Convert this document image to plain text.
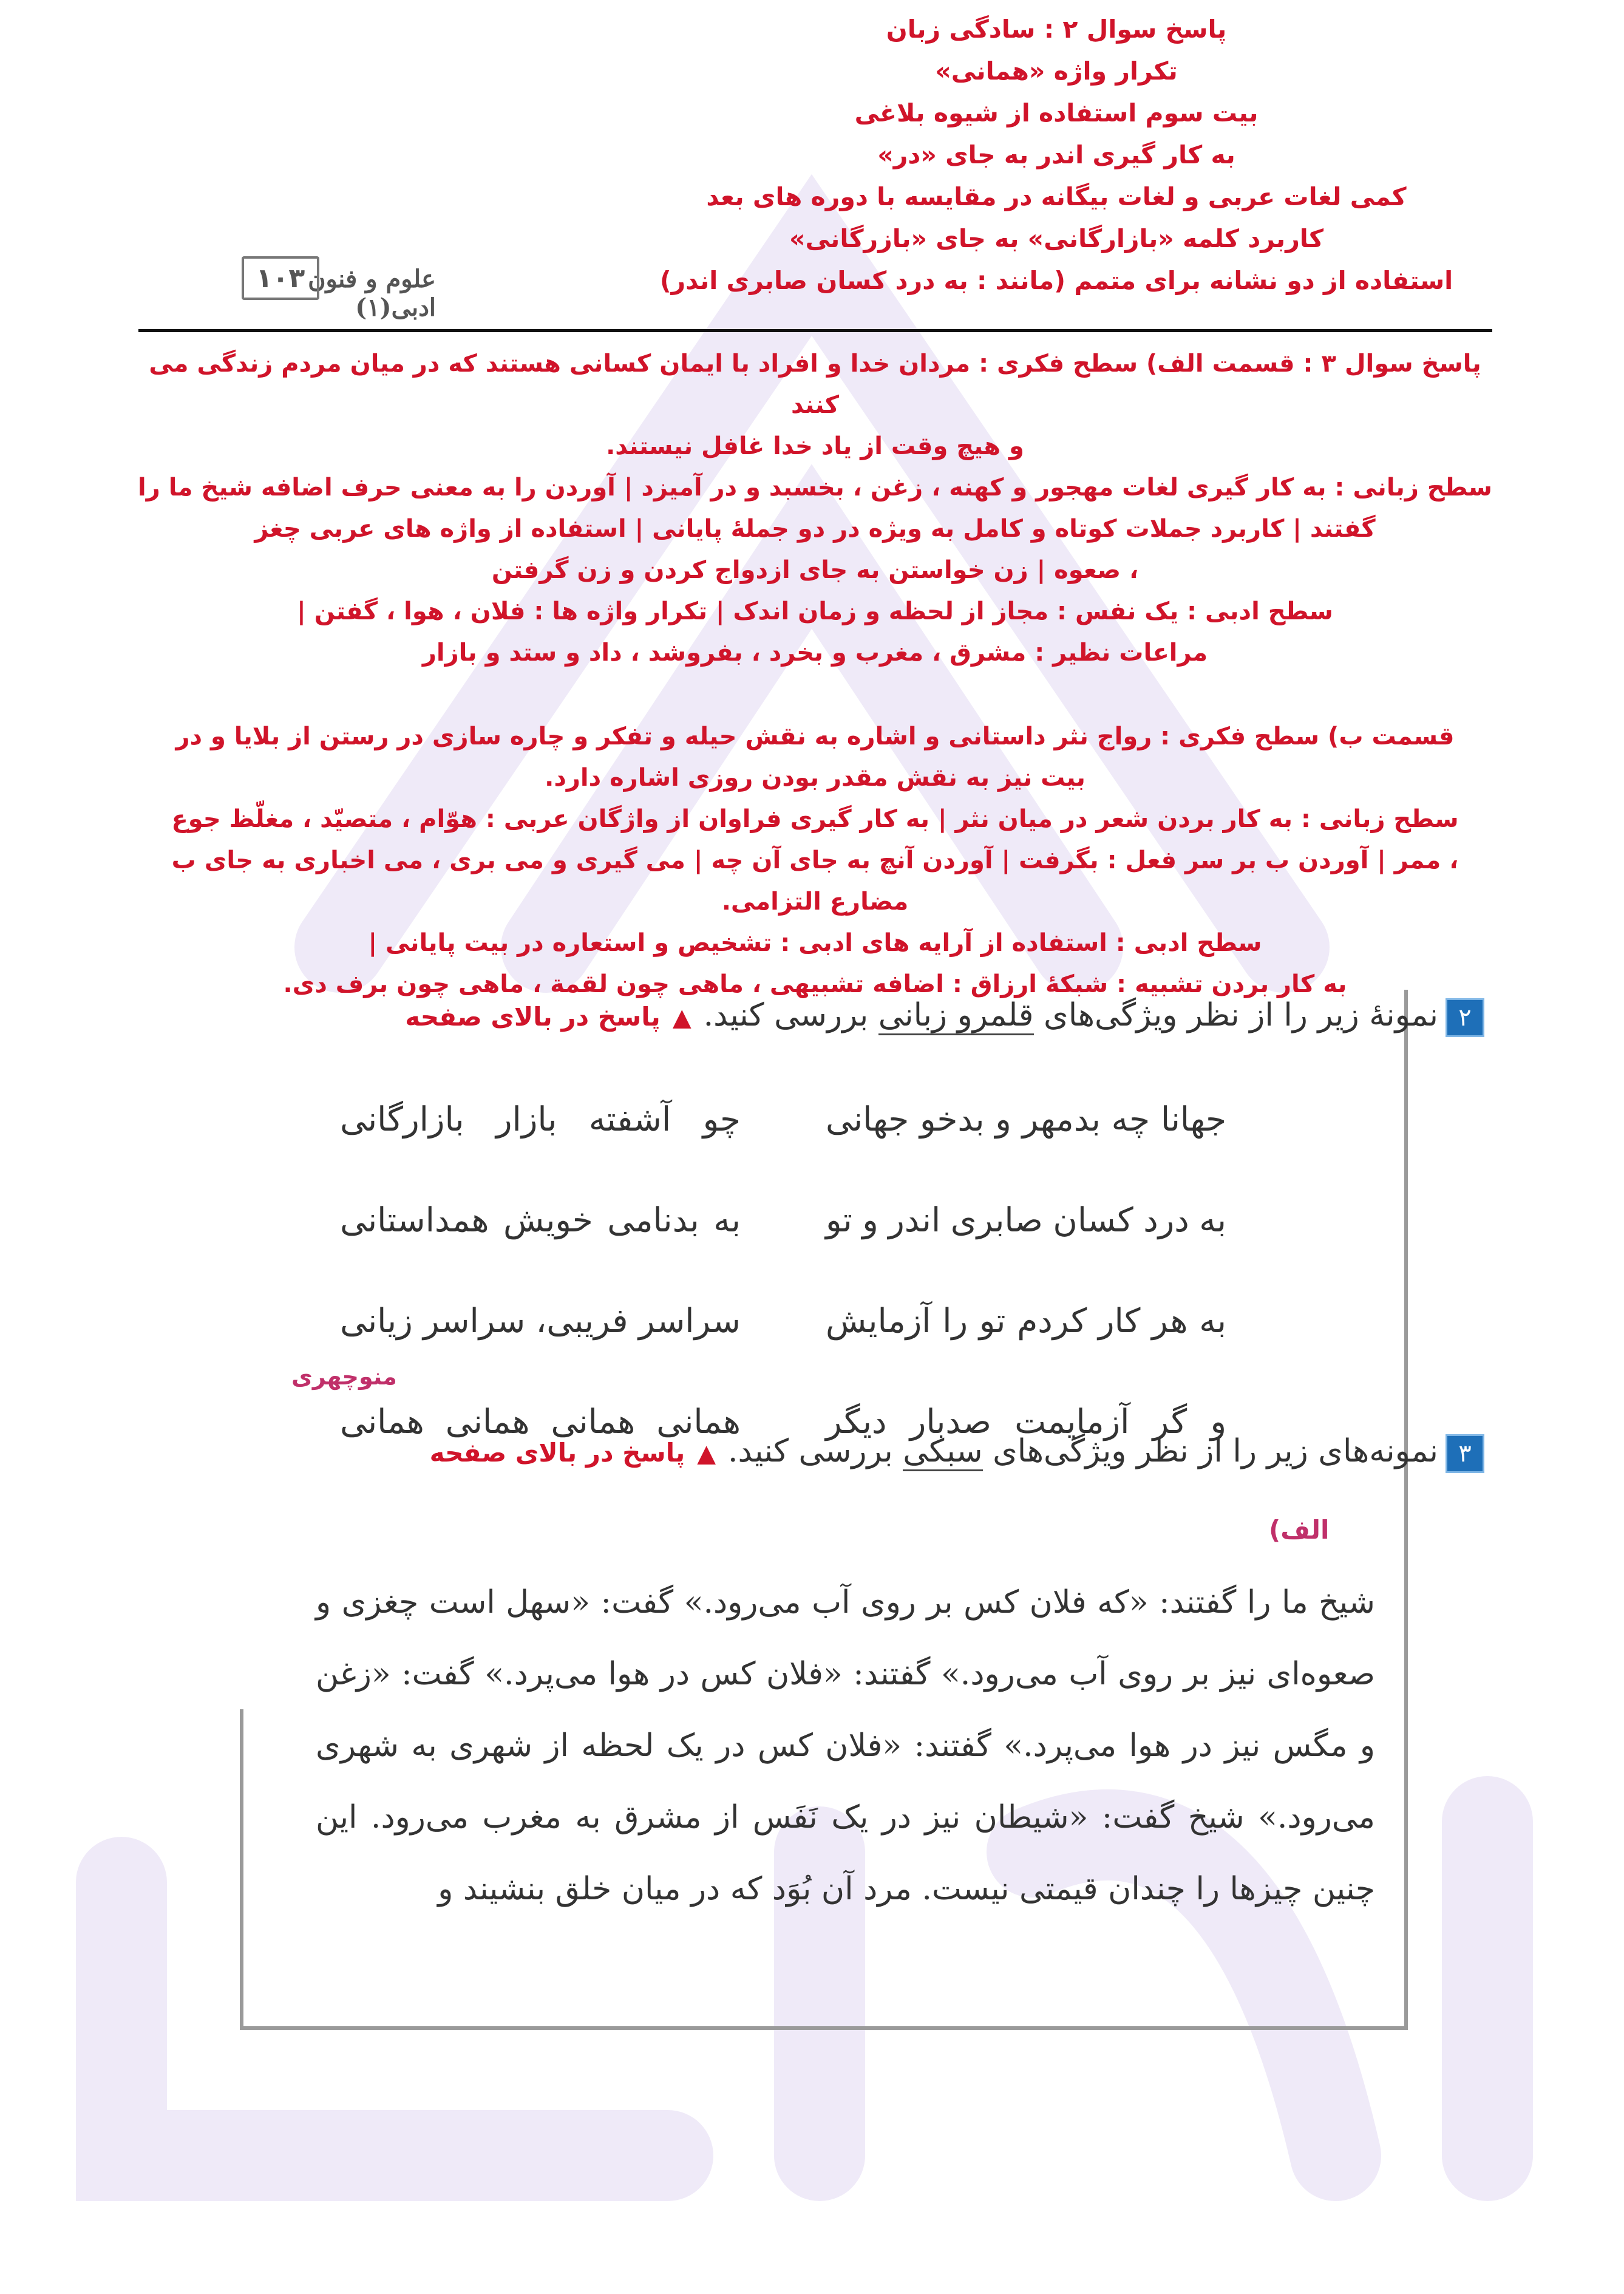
پاسخ سوال ۲ : سادگی زبان
تکرار واژه «همانی»
بیت سوم استفاده از شیوه بلاغی
به کار گیری اندر به جای «در»
کمی لغات عربی و لغات بیگانه در مقایسه با دوره های بعد
کاربرد کلمه «بازارگانی» به جای «بازرگانی»
استفاده از دو نشانه برای متمم (مانند : به درد کسان صابری اندر)
علوم و فنون ادبی(۱)
۱۰۳
پاسخ سوال ۳ : قسمت الف) سطح فکری : مردان خدا و افراد با ایمان کسانی هستند که در میان مردم زندگی می کنند
و هیچ وقت از یاد خدا غافل نیستند.
سطح زبانی : به کار گیری لغات مهجور و کهنه ، زغن ، بخسبد و در آمیزد | آوردن را به معنی حرف اضافه شیخ ما را
گفتند | کاربرد جملات کوتاه و کامل به ویژه در دو جملهٔ پایانی | استفاده از واژه های عربی چغز
، صعوه | زن خواستن به جای ازدواج کردن و زن گرفتن
سطح ادبی : یک نفس : مجاز از لحظه و زمان اندک | تکرار واژه ها : فلان ، هوا ، گفتن |
مراعات نظیر : مشرق ، مغرب و بخرد ، بفروشد ، داد و ستد و بازار
قسمت ب) سطح فکری : رواج نثر داستانی و اشاره به نقش حیله و تفکر و چاره سازی در رستن از بلایا و در
بیت نیز به نقش مقدر بودن روزی اشاره دارد.
سطح زبانی : به کار بردن شعر در میان نثر | به کار گیری فراوان از واژگان عربی : هوّام ، متصیّد ، مغلّظ جوع
، ممر | آوردن ب بر سر فعل : بگرفت | آوردن آنچ به جای آن چه | می گیری و می بری ، می اخباری به جای ب مضارع التزامی.
سطح ادبی : استفاده از آرایه های ادبی : تشخیص و استعاره در بیت پایانی |
به کار بردن تشبیه : شبکهٔ ارزاق : اضافه تشبیهی ، ماهی چون لقمة ، ماهی چون برف دی.
۲نمونهٔ زیر را از نظر ویژگی‌های قلمرو زبانی بررسی کنید.▲پاسخ در بالای صفحه
جهانا
چه
بدمهر
و
بدخو
جهانی
چو
آشفته
بازار
بازارگانی
به
درد
کسان
صابری
اندر
و
تو
به
بدنامی
خویش
همداستانی
به
هر
کار
کردم
تو
را
آزمایش
سراسر
فریبی،
سراسر
زیانی
و
گر
آزمایمت
صدبار
دیگر
همانی
همانی
همانی
همانی
منوچهری
۳نمونه‌های زیر را از نظر ویژگی‌های سبکی بررسی کنید.▲پاسخ در بالای صفحه
الف)
شیخ ما را گفتند: «که فلان کس بر روی آب می‌رود.» گفت: «سهل است چغزی و صعوه‌ای نیز بر روی آب می‌رود.» گفتند: «فلان کس در هوا می‌پرد.» گفت: «زغن و مگس نیز در هوا می‌پرد.» گفتند: «فلان کس در یک لحظه از شهری به شهری می‌رود.» شیخ گفت: «شیطان نیز در یک نَفَس از مشرق به مغرب می‌رود. این چنین چیزها را چندان قیمتی نیست. مرد آن بُوَد که در میان خلق بنشیند و
